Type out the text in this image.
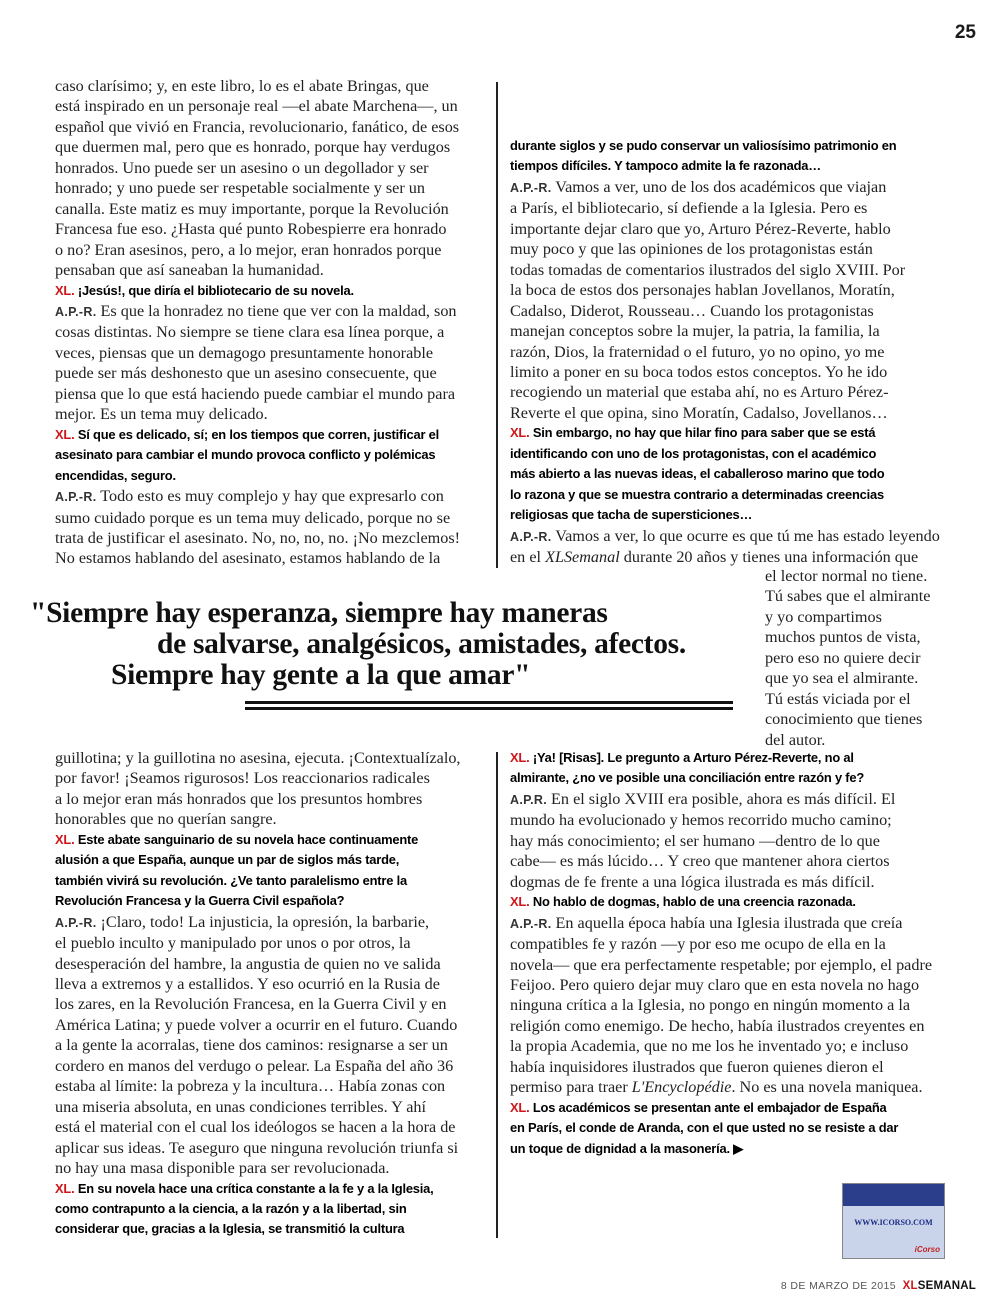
25
caso clarísimo; y, en este libro, lo es el abate Bringas, que
está inspirado en un personaje real —el abate Marchena—, un
español que vivió en Francia, revolucionario, fanático, de esos
que duermen mal, pero que es honrado, porque hay verdugos
honrados. Uno puede ser un asesino o un degollador y ser
honrado; y uno puede ser respetable socialmente y ser un
canalla. Este matiz es muy importante, porque la Revolución
Francesa fue eso. ¿Hasta qué punto Robespierre era honrado
o no? Eran asesinos, pero, a lo mejor, eran honrados porque
pensaban que así saneaban la humanidad.
XL. ¡Jesús!, que diría el bibliotecario de su novela.
A.P.-R. Es que la honradez no tiene que ver con la maldad, son
cosas distintas. No siempre se tiene clara esa línea porque, a
veces, piensas que un demagogo presuntamente honorable
puede ser más deshonesto que un asesino consecuente, que
piensa que lo que está haciendo puede cambiar el mundo para
mejor. Es un tema muy delicado.
XL. Sí que es delicado, sí; en los tiempos que corren, justificar el
asesinato para cambiar el mundo provoca conflicto y polémicas
encendidas, seguro.
A.P.-R. Todo esto es muy complejo y hay que expresarlo con
sumo cuidado porque es un tema muy delicado, porque no se
trata de justificar el asesinato. No, no, no, no. ¡No mezclemos!
No estamos hablando del asesinato, estamos hablando de la
durante siglos y se pudo conservar un valiosísimo patrimonio en
tiempos difíciles. Y tampoco admite la fe razonada…
A.P.-R. Vamos a ver, uno de los dos académicos que viajan
a París, el bibliotecario, sí defiende a la Iglesia. Pero es
importante dejar claro que yo, Arturo Pérez-Reverte, hablo
muy poco y que las opiniones de los protagonistas están
todas tomadas de comentarios ilustrados del siglo XVIII. Por
la boca de estos dos personajes hablan Jovellanos, Moratín,
Cadalso, Diderot, Rousseau… Cuando los protagonistas
manejan conceptos sobre la mujer, la patria, la familia, la
razón, Dios, la fraternidad o el futuro, yo no opino, yo me
limito a poner en su boca todos estos conceptos. Yo he ido
recogiendo un material que estaba ahí, no es Arturo Pérez-
Reverte el que opina, sino Moratín, Cadalso, Jovellanos…
XL. Sin embargo, no hay que hilar fino para saber que se está
identificando con uno de los protagonistas, con el académico
más abierto a las nuevas ideas, el caballeroso marino que todo
lo razona y que se muestra contrario a determinadas creencias
religiosas que tacha de supersticiones…
A.P.-R. Vamos a ver, lo que ocurre es que tú me has estado leyendo
en el XLSemanal durante 20 años y tienes una información que
el lector normal no tiene.
Tú sabes que el almirante
y yo compartimos
muchos puntos de vista,
pero eso no quiere decir
que yo sea el almirante.
Tú estás viciada por el
conocimiento que tienes
del autor.
"Siempre hay esperanza, siempre hay maneras
de salvarse, analgésicos, amistades, afectos.
Siempre hay gente a la que amar"
guillotina; y la guillotina no asesina, ejecuta. ¡Contextualízalo,
por favor! ¡Seamos rigurosos! Los reaccionarios radicales
a lo mejor eran más honrados que los presuntos hombres
honorables que no querían sangre.
XL. Este abate sanguinario de su novela hace continuamente
alusión a que España, aunque un par de siglos más tarde,
también vivirá su revolución. ¿Ve tanto paralelismo entre la
Revolución Francesa y la Guerra Civil española?
A.P.-R. ¡Claro, todo! La injusticia, la opresión, la barbarie,
el pueblo inculto y manipulado por unos o por otros, la
desesperación del hambre, la angustia de quien no ve salida
lleva a extremos y a estallidos. Y eso ocurrió en la Rusia de
los zares, en la Revolución Francesa, en la Guerra Civil y en
América Latina; y puede volver a ocurrir en el futuro. Cuando
a la gente la acorralas, tiene dos caminos: resignarse a ser un
cordero en manos del verdugo o pelear. La España del año 36
estaba al límite: la pobreza y la incultura… Había zonas con
una miseria absoluta, en unas condiciones terribles. Y ahí
está el material con el cual los ideólogos se hacen a la hora de
aplicar sus ideas. Te aseguro que ninguna revolución triunfa si
no hay una masa disponible para ser revolucionada.
XL. En su novela hace una crítica constante a la fe y a la Iglesia,
como contrapunto a la ciencia, a la razón y a la libertad, sin
considerar que, gracias a la Iglesia, se transmitió la cultura
XL. ¡Ya! [Risas]. Le pregunto a Arturo Pérez-Reverte, no al
almirante, ¿no ve posible una conciliación entre razón y fe?
A.P.R. En el siglo XVIII era posible, ahora es más difícil. El
mundo ha evolucionado y hemos recorrido mucho camino;
hay más conocimiento; el ser humano —dentro de lo que
cabe— es más lúcido… Y creo que mantener ahora ciertos
dogmas de fe frente a una lógica ilustrada es más difícil.
XL. No hablo de dogmas, hablo de una creencia razonada.
A.P.-R. En aquella época había una Iglesia ilustrada que creía
compatibles fe y razón —y por eso me ocupo de ella en la
novela— que era perfectamente respetable; por ejemplo, el padre
Feijoo. Pero quiero dejar muy claro que en esta novela no hago
ninguna crítica a la Iglesia, no pongo en ningún momento a la
religión como enemigo. De hecho, había ilustrados creyentes en
la propia Academia, que no me los he inventado yo; e incluso
había inquisidores ilustrados que fueron quienes dieron el
permiso para traer L'Encyclopédie. No es una novela maniquea.
XL. Los académicos se presentan ante el embajador de España
en París, el conde de Aranda, con el que usted no se resiste a dar
un toque de dignidad a la masonería. ▶
WWW.ICORSO.COM
iCorso
8 DE MARZO DE 2015 XLSEMANAL
